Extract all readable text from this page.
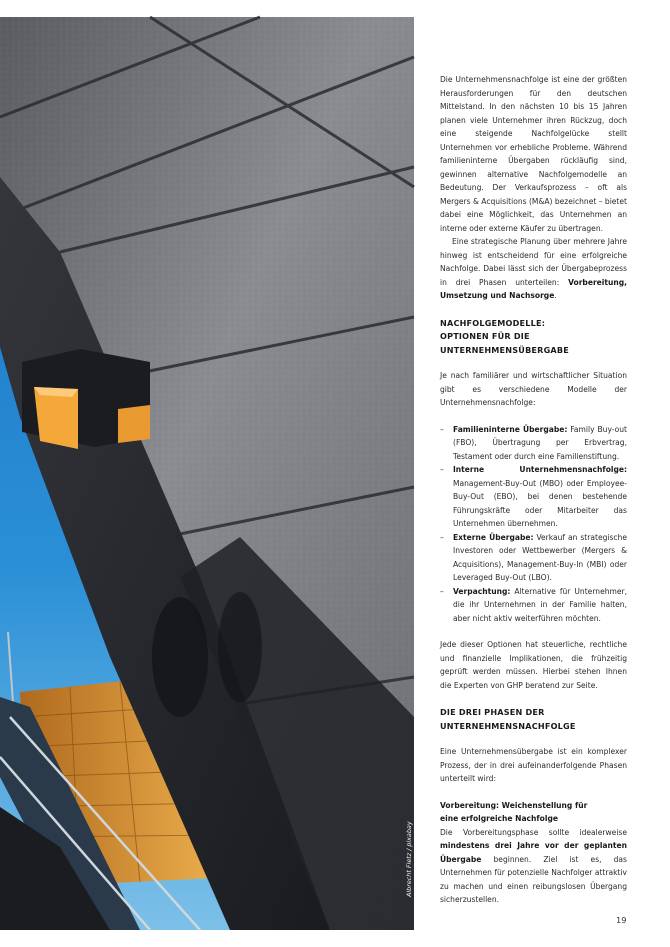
GHPublic-Ausgabe 01|2026
Albrecht Fietz / pixabay

Die Unternehmensnachfolge ist eine der größten Herausforderungen für den deutschen Mittelstand. In den nächsten 10 bis 15 Jahren planen viele Unternehmer ihren Rückzug, doch eine steigende Nachfolgelücke stellt Unternehmen vor erhebliche Probleme. Während familieninterne Übergaben rückläufig sind, gewinnen alternative Nachfolgemodelle an Bedeutung. Der Verkaufsprozess – oft als Mergers & Acquisitions (M&A) bezeichnet – bietet dabei eine Möglichkeit, das Unternehmen an interne oder externe Käufer zu übertragen.

Eine strategische Planung über mehrere Jahre hinweg ist entscheidend für eine erfolgreiche Nachfolge. Dabei lässt sich der Übergabeprozess in drei Phasen unterteilen: Vorbereitung, Umsetzung und Nachsorge.

NACHFOLGEMODELLE:
OPTIONEN FÜR DIE
UNTERNEHMENSÜBERGABE

Je nach familiärer und wirtschaftlicher Situation gibt es verschiedene Modelle der Unternehmensnachfolge:

– Familieninterne Übergabe: Family Buy-out (FBO), Übertragung per Erbvertrag, Testament oder durch eine Familienstiftung.
– Interne Unternehmensnachfolge: Management-Buy-Out (MBO) oder Employee-Buy-Out (EBO), bei denen bestehende Führungskräfte oder Mitarbeiter das Unternehmen übernehmen.
– Externe Übergabe: Verkauf an strategische Investoren oder Wettbewerber (Mergers & Acquisitions), Management-Buy-In (MBI) oder Leveraged Buy-Out (LBO).
– Verpachtung: Alternative für Unternehmer, die ihr Unternehmen in der Familie halten, aber nicht aktiv weiterführen möchten.

Jede dieser Optionen hat steuerliche, rechtliche und finanzielle Implikationen, die frühzeitig geprüft werden müssen. Hierbei stehen Ihnen die Experten von GHP beratend zur Seite.

DIE DREI PHASEN DER
UNTERNEHMENSNACHFOLGE

Eine Unternehmensübergabe ist ein komplexer Prozess, der in drei aufeinanderfolgende Phasen unterteilt wird:

Vorbereitung: Weichenstellung für
eine erfolgreiche Nachfolge

Die Vorbereitungsphase sollte idealerweise mindestens drei Jahre vor der geplanten Übergabe beginnen. Ziel ist es, das Unternehmen für potenzielle Nachfolger attraktiv zu machen und einen reibungslosen Übergang sicherzustellen.

19
